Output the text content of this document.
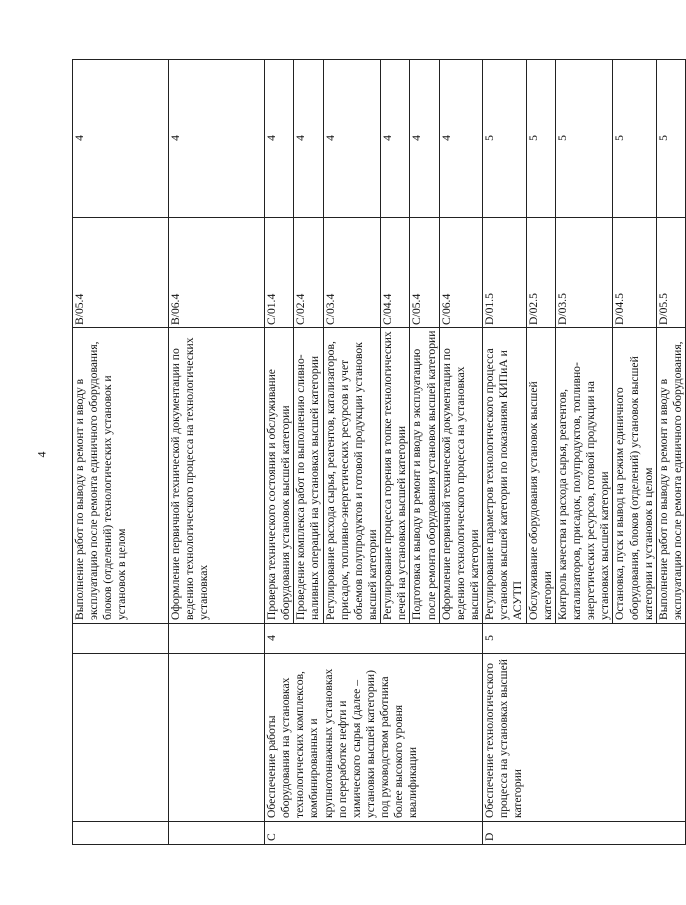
4
			Выполнение работ по выводу в ремонт и вводу в эксплуатацию после ремонта единичного оборудования, блоков (отделений) технологических установок и установок в целом	B/05.4	4
			Оформление первичной технической документации по ведению технологического процесса на технологических установках	B/06.4	4
C	Обеспечение работы оборудования на установках технологических комплексов, комбинированных и крупнотоннажных установках по переработке нефти и химического сырья (далее – установки высшей категории) под руководством работника более высокого уровня квалификации	4	Проверка технического состояния и обслуживание оборудования установок высшей категории	C/01.4	4
			Проведение комплекса работ по выполнению сливно-наливных операций на установках высшей категории	C/02.4	4
			Регулирование расхода сырья, реагентов, катализаторов, присадок, топливно-энергетических ресурсов и учет объемов полупродуктов и готовой продукции установок высшей категории	C/03.4	4
			Регулирование процесса горения в топке технологических печей на установках высшей категории	C/04.4	4
			Подготовка к выводу в ремонт и вводу в эксплуатацию после ремонта оборудования установок высшей категории	C/05.4	4
			Оформление первичной технической документации по ведению технологического процесса на установках высшей категории	C/06.4	4
D	Обеспечение технологического процесса на установках высшей категории	5	Регулирование параметров технологического процесса установок высшей категории по показаниям КИПиА и АСУТП	D/01.5	5
			Обслуживание оборудования установок высшей категории	D/02.5	5
			Контроль качества и расхода сырья, реагентов, катализаторов, присадок, полупродуктов, топливно-энергетических ресурсов, готовой продукции на установках высшей категории	D/03.5	5
			Остановка, пуск и вывод на режим единичного оборудования, блоков (отделений) установок высшей категории и установок в целом	D/04.5	5
			Выполнение работ по выводу в ремонт и вводу в эксплуатацию после ремонта единичного оборудования,	D/05.5	5
